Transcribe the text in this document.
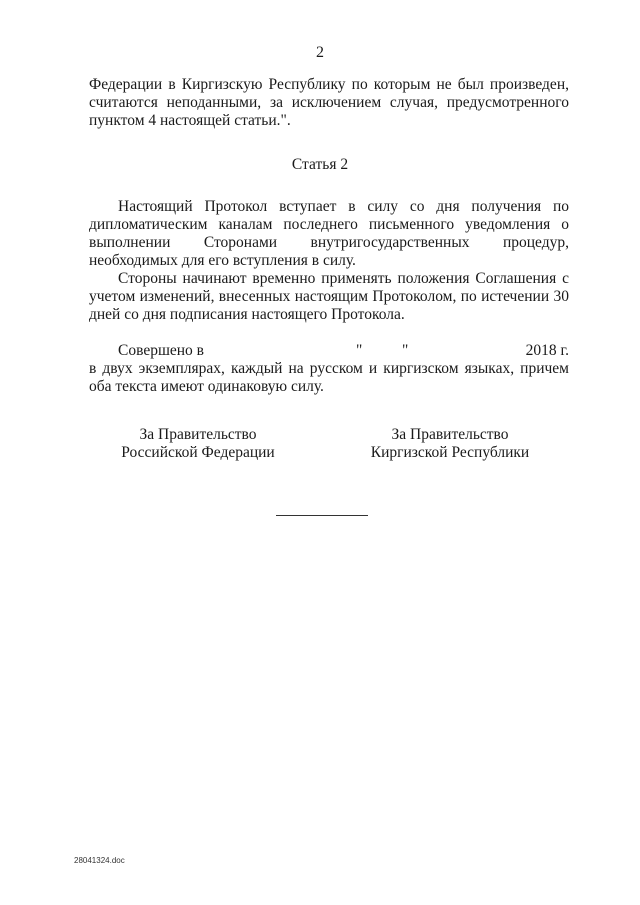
2

Федерации в Киргизскую Республику по которым не был произведен, считаются неподанными, за исключением случая, предусмотренного пунктом 4 настоящей статьи.".

Статья 2

Настоящий Протокол вступает в силу со дня получения по дипломатическим каналам последнего письменного уведомления о выполнении Сторонами внутригосударственных процедур, необходимых для его вступления в силу.

Стороны начинают временно применять положения Соглашения с учетом изменений, внесенных настоящим Протоколом, по истечении 30 дней со дня подписания настоящего Протокола.

Совершено в	"	"	2018 г.

в двух экземплярах, каждый на русском и киргизском языках, причем оба текста имеют одинаковую силу.

За Правительство
Российской Федерации
За Правительство
Киргизской Республики
28041324.doc
